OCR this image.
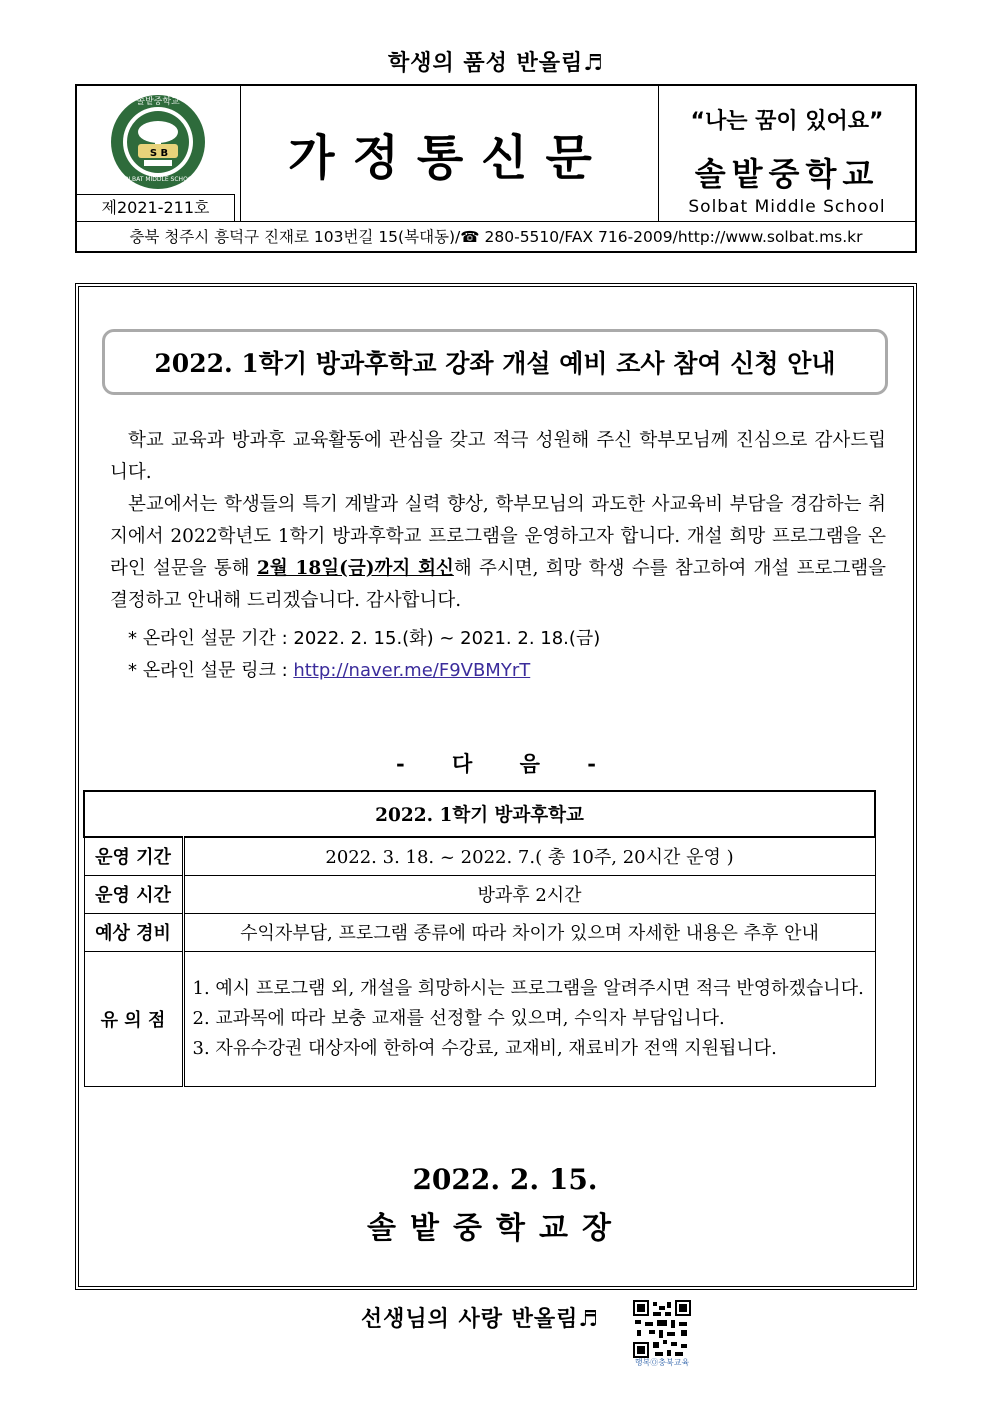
학생의 품성 반올림♬
S B
솔밭중학교
SOLBAT MIDDLE SCHOOL
제2021-211호
가정통신문
“나는 꿈이 있어요”
솔밭중학교
Solbat Middle School
충북 청주시 흥덕구 진재로 103번길 15(복대동)/☎ 280-5510/FAX 716-2009/http://www.solbat.ms.kr
2022. 1학기 방과후학교 강좌 개설 예비 조사 참여 신청 안내

학교 교육과 방과후 교육활동에 관심을 갖고 적극 성원해 주신 학부모님께 진심으로 감사드립니다.

본교에서는 학생들의 특기 계발과 실력 향상, 학부모님의 과도한 사교육비 부담을 경감하는 취지에서 2022학년도 1학기 방과후학교 프로그램을 운영하고자 합니다. 개설 희망 프로그램을 온라인 설문을 통해 2월 18일(금)까지 회신해 주시면, 희망 학생 수를 참고하여 개설 프로그램을 결정하고 안내해 드리겠습니다. 감사합니다.

* 온라인 설문 기간 : 2022. 2. 15.(화) ~ 2021. 2. 18.(금)
* 온라인 설문 링크 : http://naver.me/F9VBMYrT
- 다 음 -
2022. 1학기 방과후학교	
운영 기간	2022. 3. 18. ~ 2022. 7.( 총 10주, 20시간 운영 )
운영 시간	방과후 2시간
예상 경비	수익자부담, 프로그램 종류에 따라 차이가 있으며 자세한 내용은 추후 안내
유 의 점	1. 예시 프로그램 외, 개설을 희망하시는 프로그램을 알려주시면 적극 반영하겠습니다.
2. 교과목에 따라 보충 교재를 선정할 수 있으며, 수익자 부담입니다.
3. 자유수강권 대상자에 한하여 수강료, 교재비, 재료비가 전액 지원됩니다.
2022. 2. 15.
솔밭중학교장
선생님의 사랑 반올림♬
행복Ⓞ충북교육
